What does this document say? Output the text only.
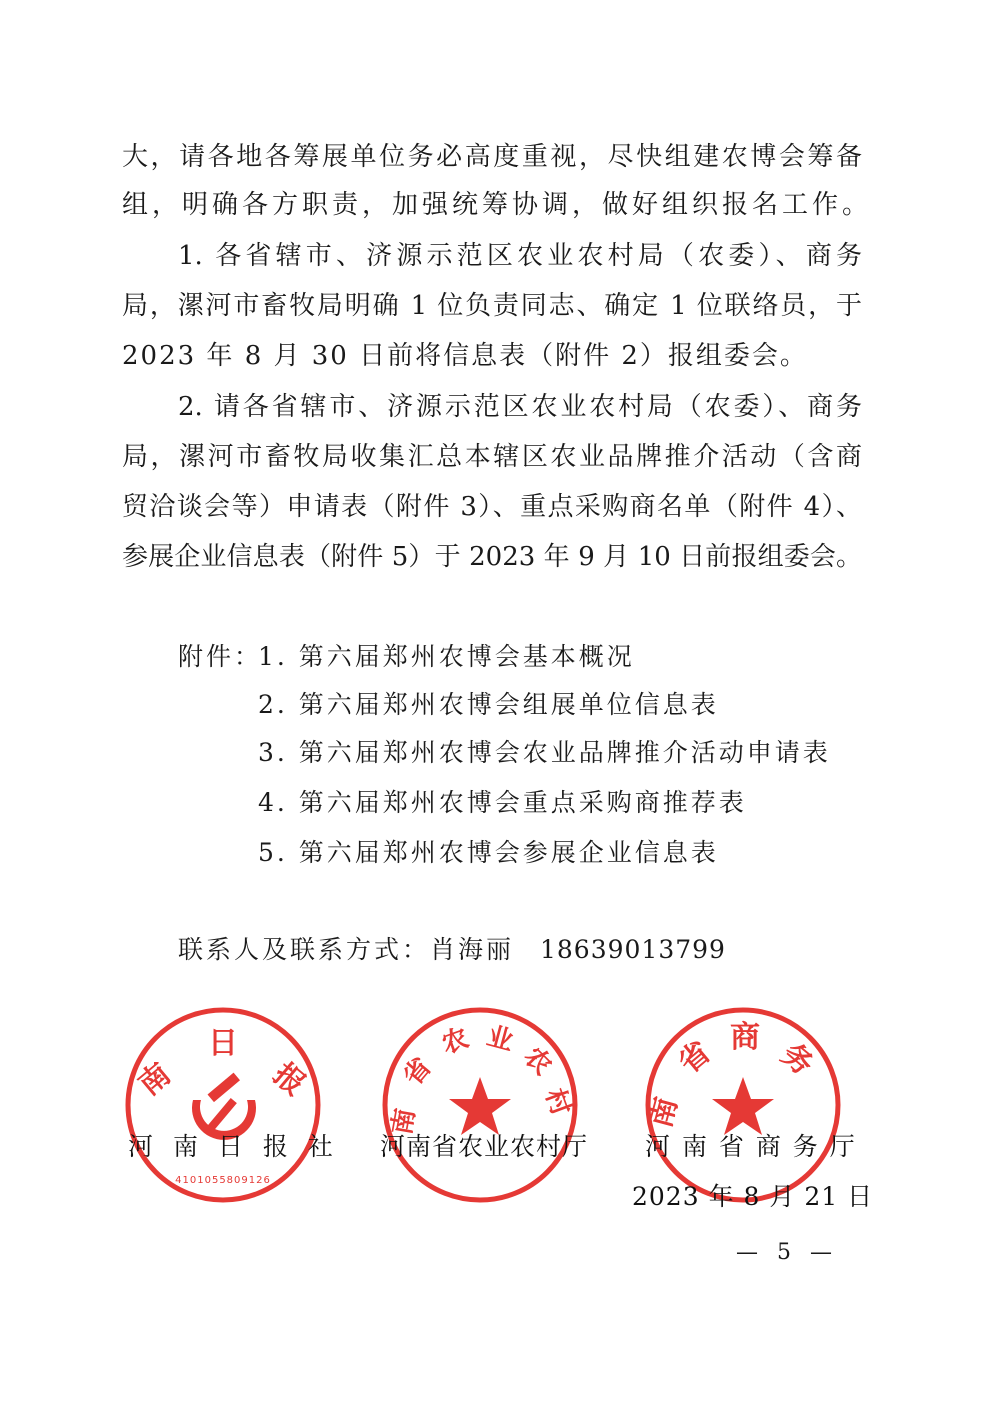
大，请各地各筹展单位务必高度重视，尽快组建农博会筹备
组，明确各方职责，加强统筹协调，做好组织报名工作。
1. 各省辖市、济源示范区农业农村局（农委）、商务
局，漯河市畜牧局明确 1 位负责同志、确定 1 位联络员，于
2023 年 8 月 30 日前将信息表（附件 2）报组委会。
2. 请各省辖市、济源示范区农业农村局（农委）、商务
局，漯河市畜牧局收集汇总本辖区农业品牌推介活动（含商
贸洽谈会等）申请表（附件 3）、重点采购商名单（附件 4）、
参展企业信息表（附件 5）于 2023 年 9 月 10 日前报组委会。
附件：
1. 第六届郑州农博会基本概况
2. 第六届郑州农博会组展单位信息表
3. 第六届郑州农博会农业品牌推介活动申请表
4. 第六届郑州农博会重点采购商推荐表
5. 第六届郑州农博会参展企业信息表
联系人及联系方式：肖海丽 18639013799
南
日
报
4101055809126
南
省
农 业
农
村 南
省 商 务
河 南 日 报 社 河南省农业农村厅 河 南 省 商 务 厅
2023 年 8 月 21 日
— 5 —
